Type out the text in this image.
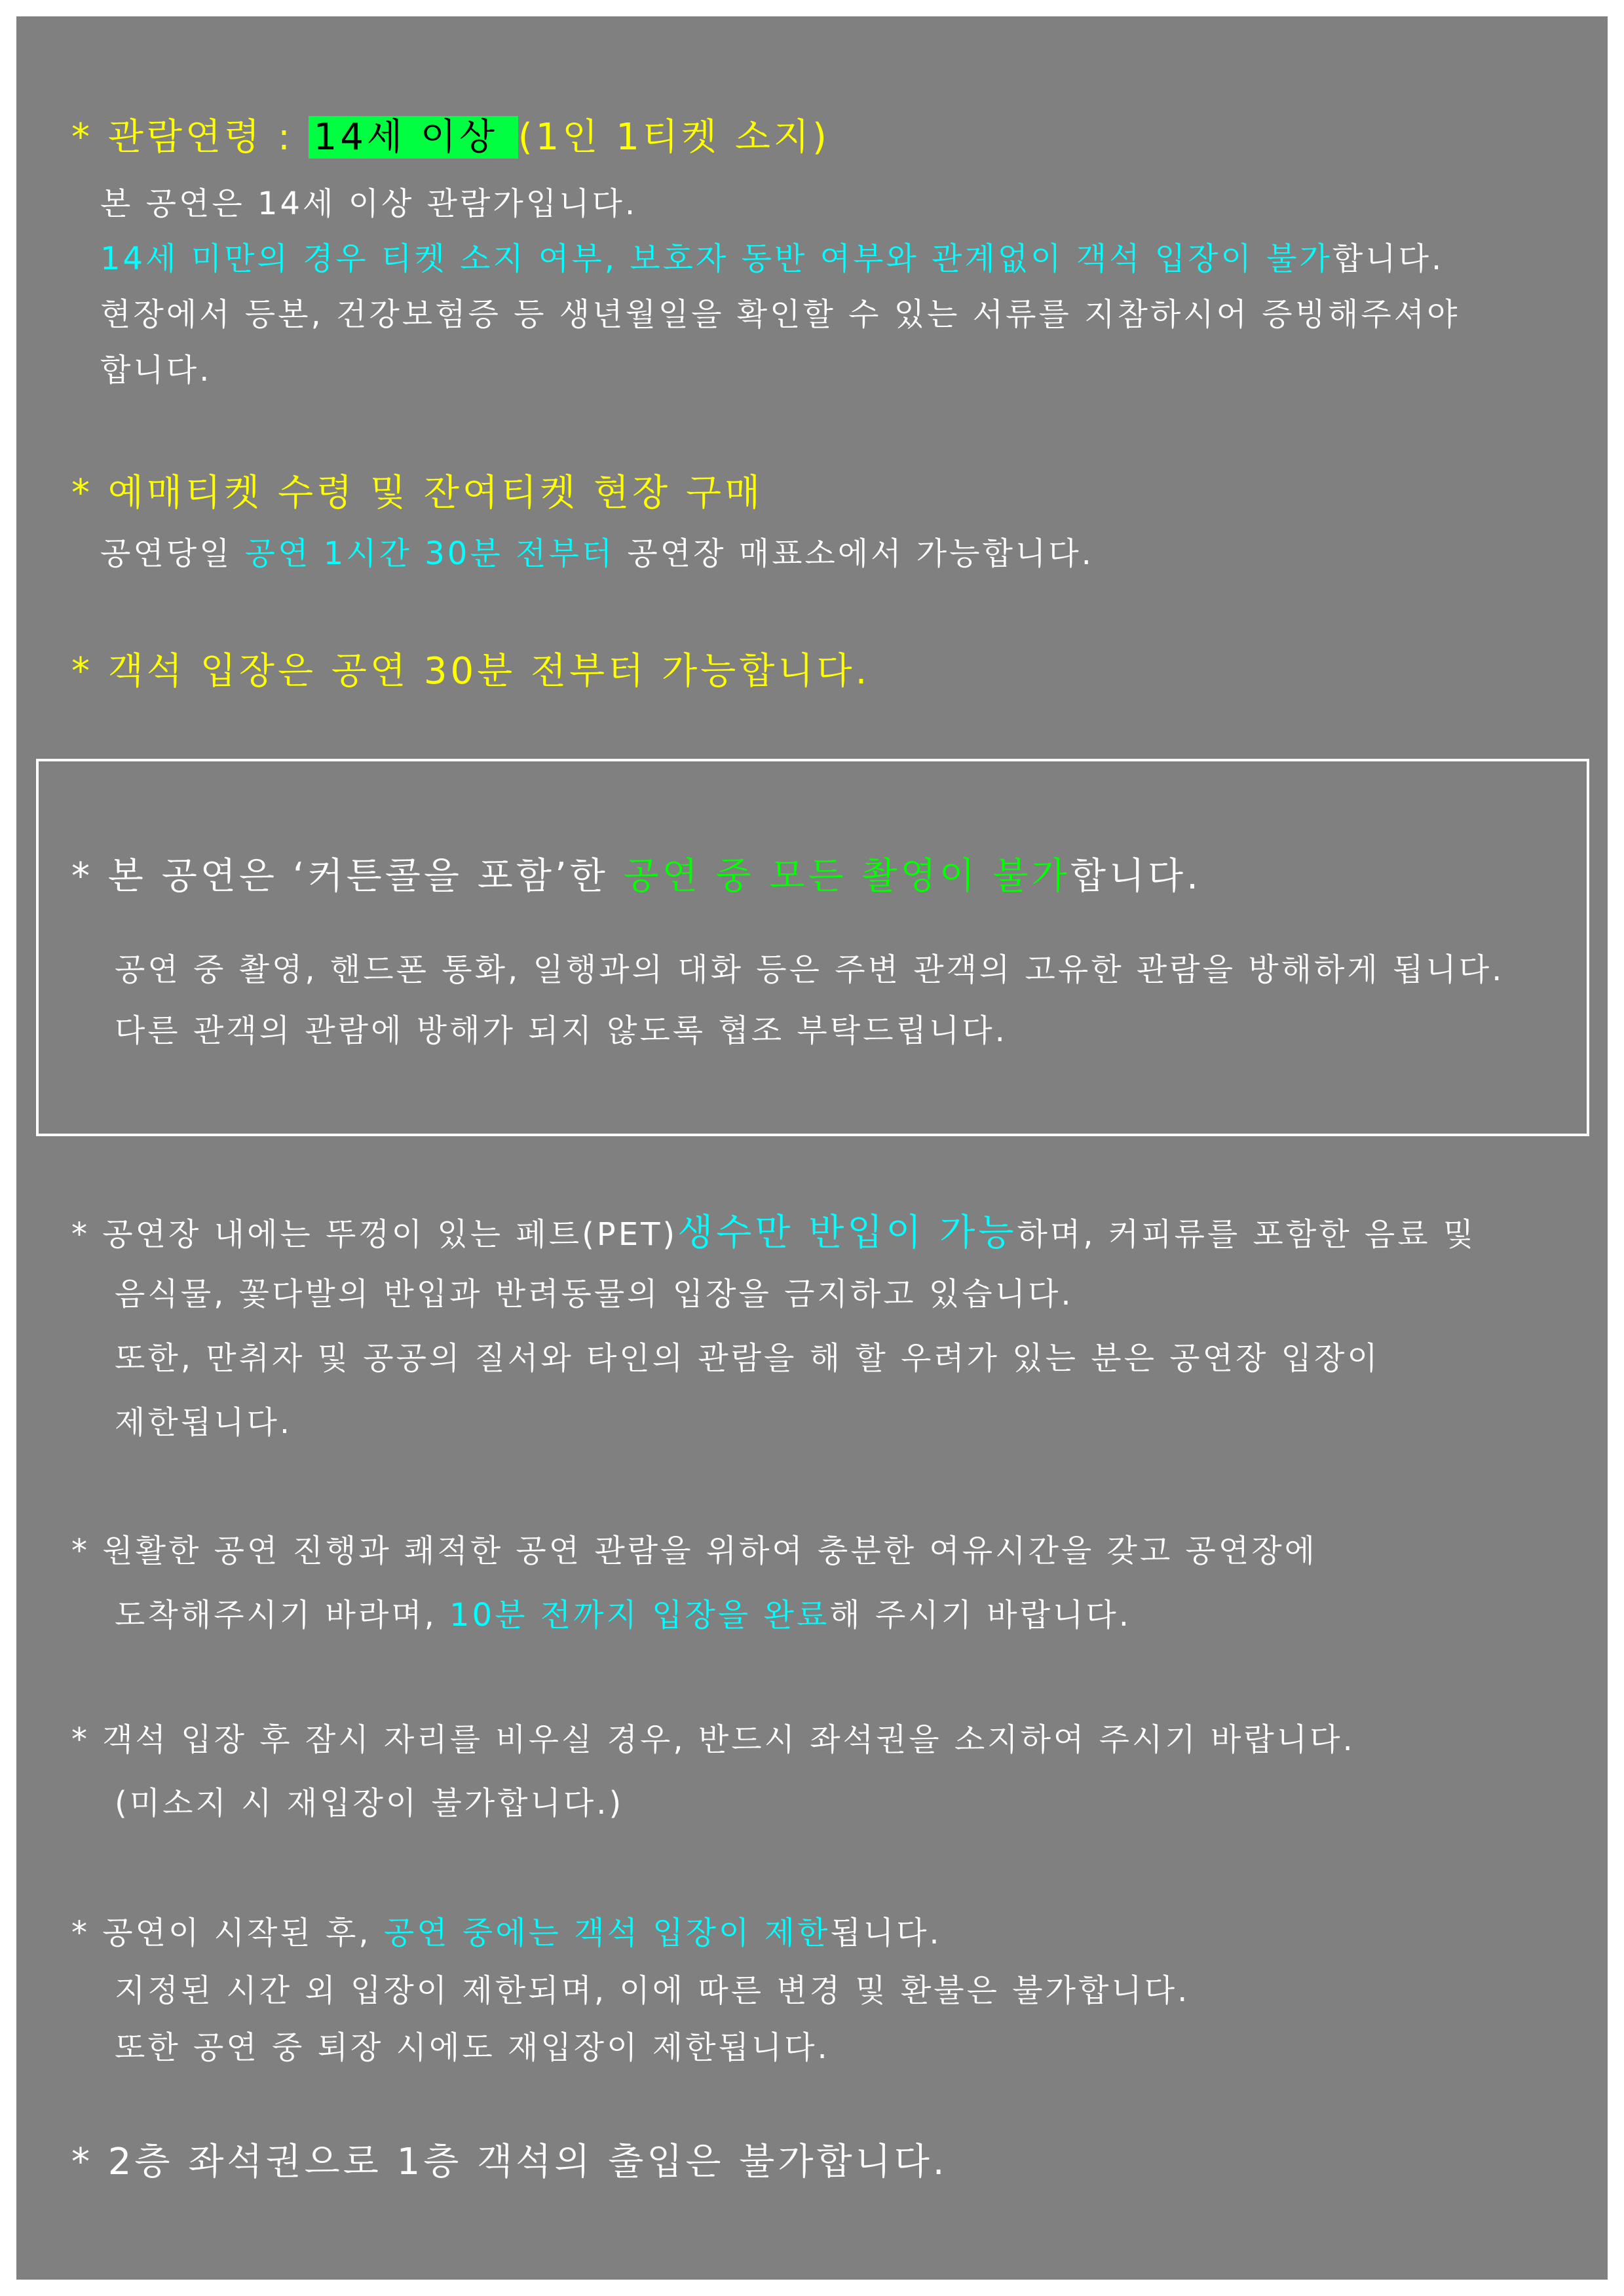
* 관람연령 : 14세 이상 (1인 1티켓 소지)
본 공연은 14세 이상 관람가입니다.
14세 미만의 경우 티켓 소지 여부, 보호자 동반 여부와 관계없이 객석 입장이 불가합니다.
현장에서 등본, 건강보험증 등 생년월일을 확인할 수 있는 서류를 지참하시어 증빙해주셔야
합니다.
* 예매티켓 수령 및 잔여티켓 현장 구매
공연당일 공연 1시간 30분 전부터 공연장 매표소에서 가능합니다.
* 객석 입장은 공연 30분 전부터 가능합니다.
* 본 공연은 ‘커튼콜을 포함’한 공연 중 모든 촬영이 불가합니다.
공연 중 촬영, 핸드폰 통화, 일행과의 대화 등은 주변 관객의 고유한 관람을 방해하게 됩니다.
다른 관객의 관람에 방해가 되지 않도록 협조 부탁드립니다.
* 공연장 내에는 뚜껑이 있는 페트(PET)생수만 반입이 가능하며, 커피류를 포함한 음료 및
음식물, 꽃다발의 반입과 반려동물의 입장을 금지하고 있습니다.
또한, 만취자 및 공공의 질서와 타인의 관람을 해 할 우려가 있는 분은 공연장 입장이
제한됩니다.
* 원활한 공연 진행과 쾌적한 공연 관람을 위하여 충분한 여유시간을 갖고 공연장에
도착해주시기 바라며, 10분 전까지 입장을 완료해 주시기 바랍니다.
* 객석 입장 후 잠시 자리를 비우실 경우, 반드시 좌석권을 소지하여 주시기 바랍니다.
(미소지 시 재입장이 불가합니다.)
* 공연이 시작된 후, 공연 중에는 객석 입장이 제한됩니다.
지정된 시간 외 입장이 제한되며, 이에 따른 변경 및 환불은 불가합니다.
또한 공연 중 퇴장 시에도 재입장이 제한됩니다.
* 2층 좌석권으로 1층 객석의 출입은 불가합니다.
